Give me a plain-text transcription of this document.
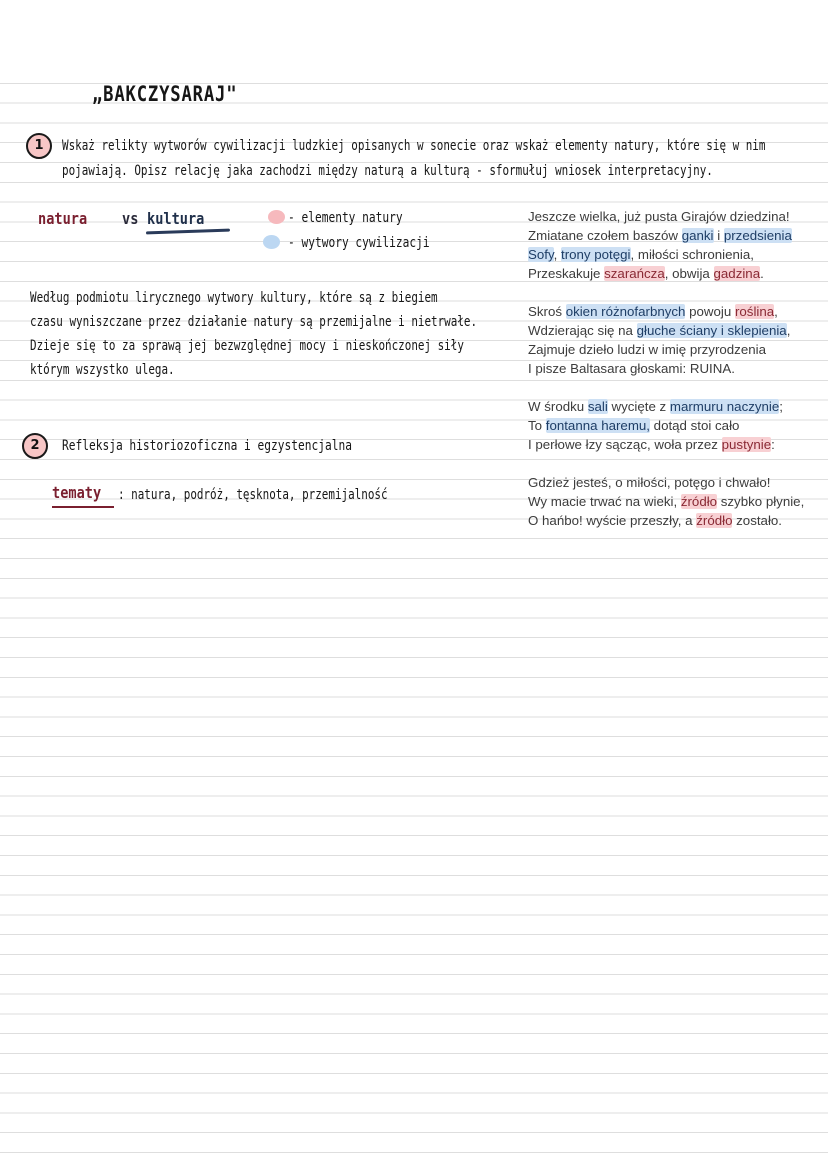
„BAKCZYSARAJ"
1	Wskaż relikty wytworów cywilizacji ludzkiej opisanych w sonecie oraz wskaż elementy natury, które się w nim
pojawiają. Opisz relację jaka zachodzi między naturą a kulturą - sformułuj wniosek interpretacyjny.
natura vs kultura	- elementy natury
- wytwory cywilizacji
Według podmiotu lirycznego wytwory kultury, które są z biegiem
czasu wyniszczane przez działanie natury są przemijalne i nietrwałe.
Dzieje się to za sprawą jej bezwzględnej mocy i nieskończonej siły
którym wszystko ulega.
2	Refleksja historiozoficzna i egzystencjalna
tematy : natura, podróż, tęsknota, przemijalność
Jeszcze wielka, już pusta Girajów dziedzina!
Zmiatane czołem baszów ganki i przedsienia
Sofy, trony potęgi, miłości schronienia,
Przeskakuje szarańcza, obwija gadzina.
Skroś okien różnofarbnych powoju roślina,
Wdzierając się na głuche ściany i sklepienia,
Zajmuje dzieło ludzi w imię przyrodzenia
I pisze Baltasara głoskami: RUINA.
W środku sali wycięte z marmuru naczynie;
To fontanna haremu, dotąd stoi cało
I perłowe łzy sącząc, woła przez pustynie:
Gdzież jesteś, o miłości, potęgo i chwało!
Wy macie trwać na wieki, źródło szybko płynie,
O hańbo! wyście przeszły, a źródło zostało.
